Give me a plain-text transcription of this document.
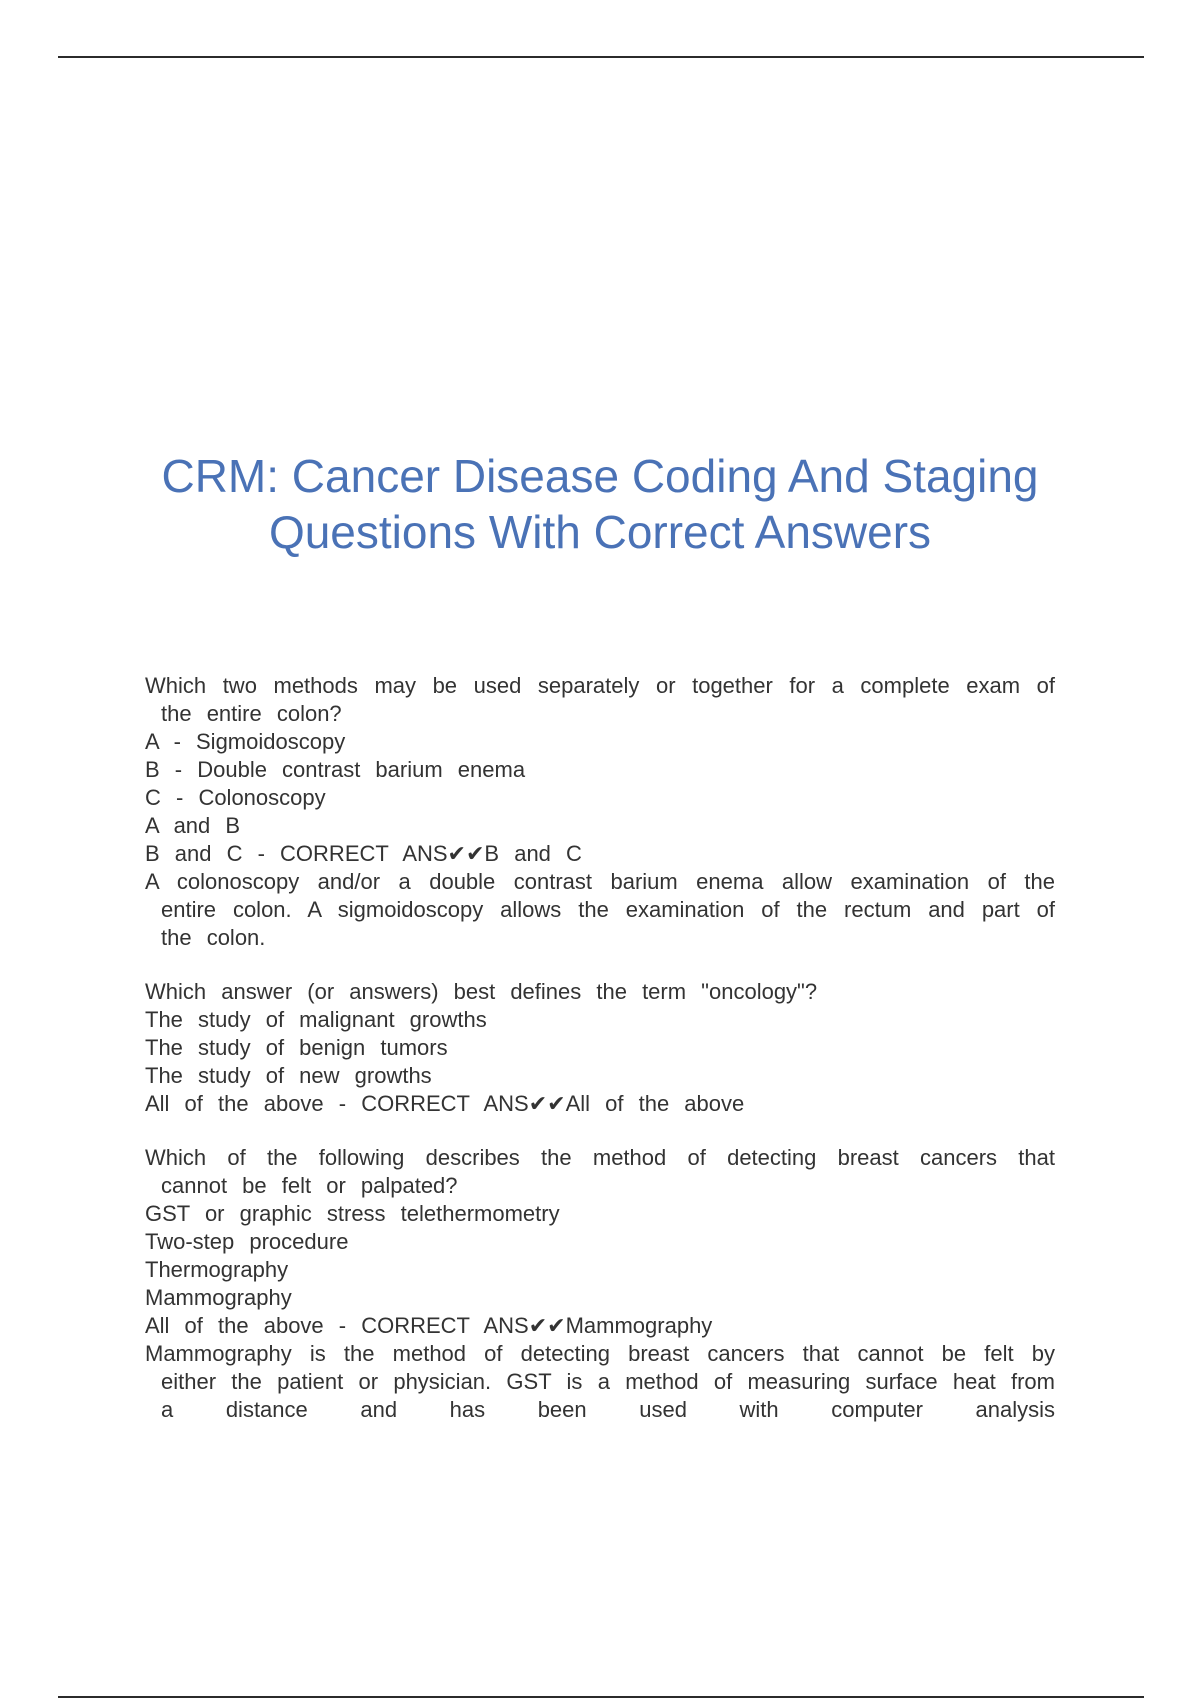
CRM: Cancer Disease Coding And Staging
Questions With Correct Answers
Which two methods may be used separately or together for a complete exam of the entire colon?
A - Sigmoidoscopy
B - Double contrast barium enema
C - Colonoscopy
A and B
B and C - CORRECT ANS✔✔B and C
A colonoscopy and/or a double contrast barium enema allow examination of the entire colon. A sigmoidoscopy allows the examination of the rectum and part of the colon.
Which answer (or answers) best defines the term "oncology"?
The study of malignant growths
The study of benign tumors
The study of new growths
All of the above - CORRECT ANS✔✔All of the above
Which of the following describes the method of detecting breast cancers that cannot be felt or palpated?
GST or graphic stress telethermometry
Two-step procedure
Thermography
Mammography
All of the above - CORRECT ANS✔✔Mammography
Mammography is the method of detecting breast cancers that cannot be felt by either the patient or physician. GST is a method of measuring surface heat from a distance and has been used with computer analysis
